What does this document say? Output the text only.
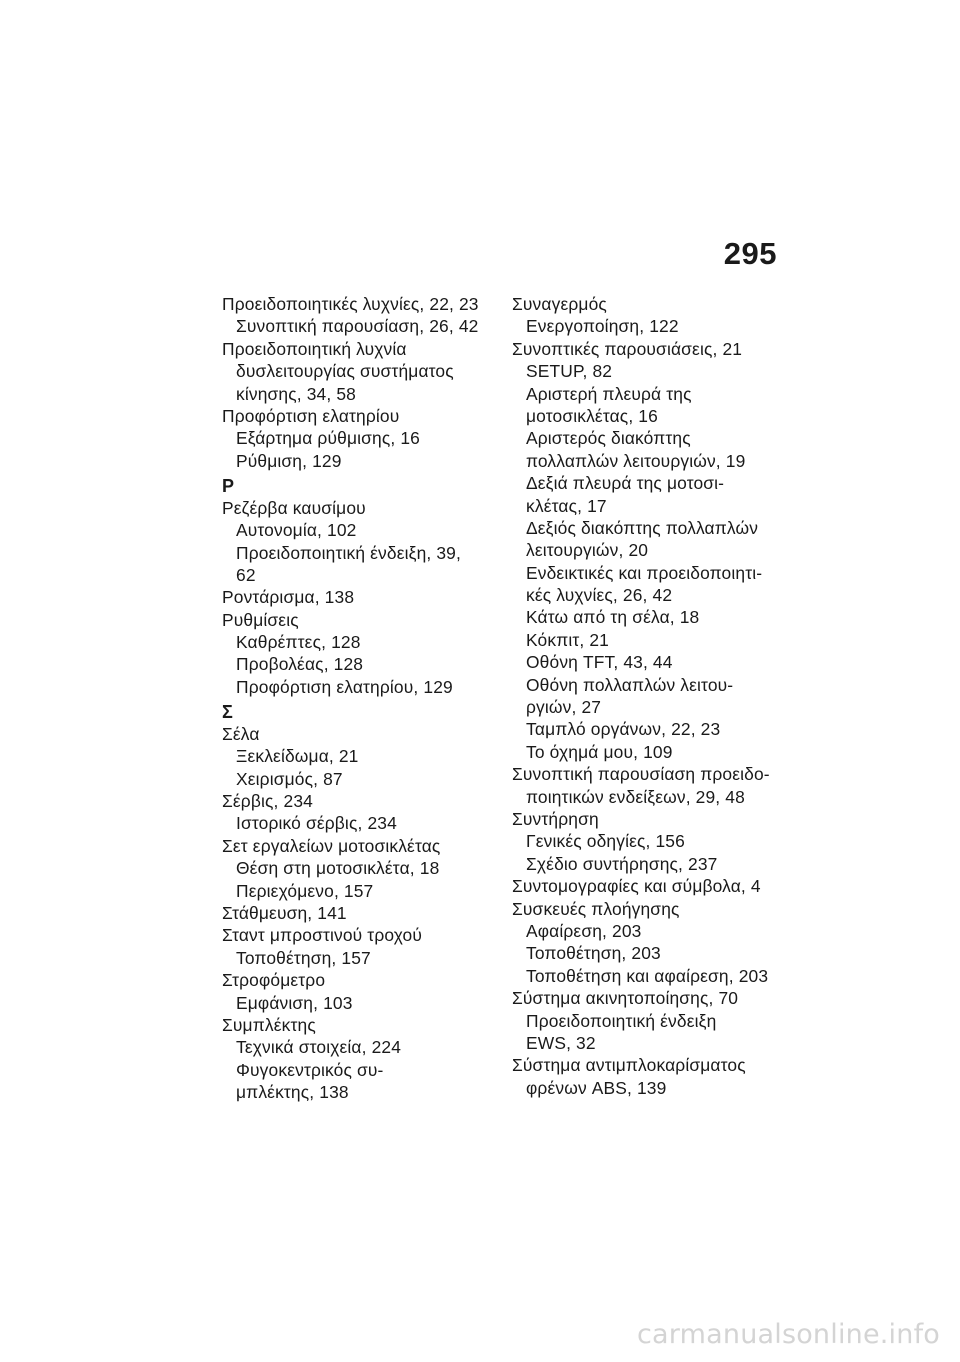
295
Προειδοποιητικές λυχνίες, 22, 23
Συνοπτική παρουσίαση, 26, 42
Προειδοποιητική λυχνία
δυσλειτουργίας συστήματος
κίνησης, 34, 58
Προφόρτιση ελατηρίου
Εξάρτημα ρύθμισης, 16
Ρύθμιση, 129
Ρ
Ρεζέρβα καυσίμου
Αυτονομία, 102
Προειδοποιητική ένδειξη, 39,
62
Ροντάρισμα, 138
Ρυθμίσεις
Καθρέπτες, 128
Προβολέας, 128
Προφόρτιση ελατηρίου, 129
Σ
Σέλα
Ξεκλείδωμα, 21
Χειρισμός, 87
Σέρβις, 234
Ιστορικό σέρβις, 234
Σετ εργαλείων μοτοσικλέτας
Θέση στη μοτοσικλέτα, 18
Περιεχόμενο, 157
Στάθμευση, 141
Σταντ μπροστινού τροχού
Τοποθέτηση, 157
Στροφόμετρο
Εμφάνιση, 103
Συμπλέκτης
Τεχνικά στοιχεία, 224
Φυγοκεντρικός συ-
μπλέκτης, 138
Συναγερμός
Ενεργοποίηση, 122
Συνοπτικές παρουσιάσεις, 21
SETUP, 82
Αριστερή πλευρά της
μοτοσικλέτας, 16
Αριστερός διακόπτης
πολλαπλών λειτουργιών, 19
Δεξιά πλευρά της μοτοσι-
κλέτας, 17
Δεξιός διακόπτης πολλαπλών
λειτουργιών, 20
Ενδεικτικές και προειδοποιητι-
κές λυχνίες, 26, 42
Κάτω από τη σέλα, 18
Κόκπιτ, 21
Οθόνη TFT, 43, 44
Οθόνη πολλαπλών λειτου-
ργιών, 27
Ταμπλό οργάνων, 22, 23
Το όχημά μου, 109
Συνοπτική παρουσίαση προειδο-
ποιητικών ενδείξεων, 29, 48
Συντήρηση
Γενικές οδηγίες, 156
Σχέδιο συντήρησης, 237
Συντομογραφίες και σύμβολα, 4
Συσκευές πλοήγησης
Αφαίρεση, 203
Τοποθέτηση, 203
Τοποθέτηση και αφαίρεση, 203
Σύστημα ακινητοποίησης, 70
Προειδοποιητική ένδειξη
EWS, 32
Σύστημα αντιμπλοκαρίσματος
φρένων ABS, 139
carmanualsonline.info
